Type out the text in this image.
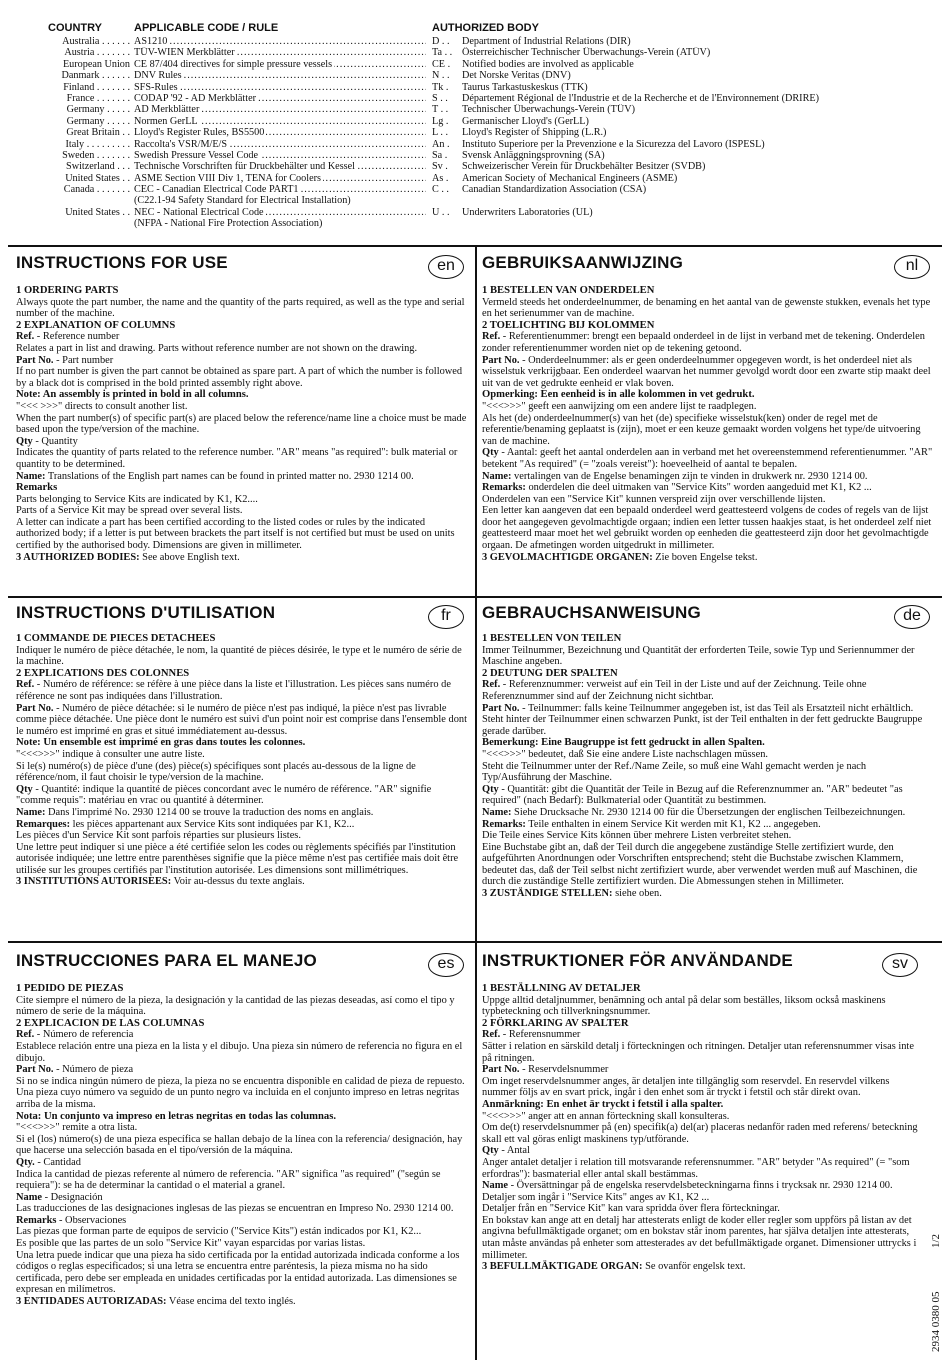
COUNTRY	APPLICABLE CODE / RULE	AUTHORIZED BODY
Australia . . . . . . AS1210 .....	D . .	Department of Industrial Relations (DIR)
Austria . . . . . . . TÜV-WIEN Merkblätter .....	Ta . . Österreichischer Technischer Überwachungs-Verein (ATÜV)
European Union CE 87/404 directives for simple pressure vessels .....	CE .	Notified bodies are involved as applicable
Danmark . . . . . . DNV Rules .....	N . .	Det Norske Veritas (DNV)
Finland . . . . . . . SFS-Rules .....	Tk .	Taurus Tarkastuskeskus (TTK)
France . . . . . . . CODAP '92 - AD Merkblätter .....	S . .	Département Régional de l'Industrie et de la Recherche et de l'Environnement (DRIRE)
Germany . . . . . AD Merkblätter .....	T . .	Technischer Überwachungs-Verein (TÜV)
Germany . . . . . Normen GerLL .....	Lg .	Germanischer Lloyd's (GerLL)
Great Britain . . Lloyd's Register Rules, BS5500 .....	L . .	Lloyd's Register of Shipping (L.R.)
Italy . . . . . . . . . Raccolta's VSR/M/E/S .....	An .	Instituto Superiore per la Prevenzione e la Sicurezza del Lavoro (ISPESL)
Sweden . . . . . . . Swedish Pressure Vessel Code .....	Sa .	Svensk Anläggningsprovning (SA)
Switzerland . . . Technische Vorschriften für Druckbehälter und Kessel .....	Sv .	Schweizerischer Verein für Druckbehälter Besitzer (SVDB)
United States . . ASME Section VIII Div 1, TENA for Coolers .....	As .	American Society of Mechanical Engineers (ASME)
Canada . . . . . . . CEC - Canadian Electrical Code PART1 .....	C . .	Canadian Standardization Association (CSA)
(C22.1-94 Safety Standard for Electrical Installation)
United States . . NEC - National Electrical Code .....	U . .	Underwriters Laboratories (UL)
(NFPA - National Fire Protection Association)
INSTRUCTIONS FOR USE	en

1 ORDERING PARTS

Always quote the part number, the name and the quantity of the parts required, as well as the type and serial number of the machine.

2 EXPLANATION OF COLUMNS

Ref. - Reference number

Relates a part in list and drawing. Parts without reference number are not shown on the drawing.

Part No. - Part number

If no part number is given the part cannot be obtained as spare part. A part of which the number is followed by a black dot is comprised in the bold printed assembly right above.

Note: An assembly is printed in bold in all columns.

"<<< >>>" directs to consult another list.

When the part number(s) of specific part(s) are placed below the reference/name line a choice must be made based upon the type/version of the machine.

Qty - Quantity

Indicates the quantity of parts related to the reference number. "AR" means "as required": bulk material or quantity to be determined.

Name: Translations of the English part names can be found in printed matter no. 2930 1214 00.

Remarks

Parts belonging to Service Kits are indicated by K1, K2....

Parts of a Service Kit may be spread over several lists.

A letter can indicate a part has been certified according to the listed codes or rules by the indicated authorized body; if a letter is put between brackets the part itself is not certified but must be used on units certified by the authorised body. Dimensions are given in millimeter.

3 AUTHORIZED BODIES: See above English text.

GEBRUIKSAANWIJZING	nl

1 BESTELLEN VAN ONDERDELEN

Vermeld steeds het onderdeelnummer, de benaming en het aantal van de gewenste stukken, evenals het type en het serienummer van de machine.

2 TOELICHTING BIJ KOLOMMEN

Ref. - Referentienummer: brengt een bepaald onderdeel in de lijst in verband met de tekening. Onderdelen zonder referentienummer worden niet op de tekening getoond.

Part No. - Onderdeelnummer: als er geen onderdeelnummer opgegeven wordt, is het onderdeel niet als wisselstuk verkrijgbaar. Een onderdeel waarvan het nummer gevolgd wordt door een zwarte stip maakt deel uit van de vet gedrukte eenheid er vlak boven.

Opmerking: Een eenheid is in alle kolommen in vet gedrukt.

"<<<>>>" geeft een aanwijzing om een andere lijst te raadplegen.

Als het (de) onderdeelnummer(s) van het (de) specifieke wisselstuk(ken) onder de regel met de referentie/benaming geplaatst is (zijn), moet er een keuze gemaakt worden volgens het type/de uitvoering van de machine.

Qty - Aantal: geeft het aantal onderdelen aan in verband met het overeenstemmend referentienummer. "AR" betekent "As required" (= "zoals vereist"): hoeveelheid of aantal te bepalen.

Name: vertalingen van de Engelse benamingen zijn te vinden in drukwerk nr. 2930 1214 00.

Remarks: onderdelen die deel uitmaken van "Service Kits" worden aangeduid met K1, K2 ...

Onderdelen van een "Service Kit" kunnen verspreid zijn over verschillende lijsten.

Een letter kan aangeven dat een bepaald onderdeel werd geattesteerd volgens de codes of regels van de lijst door het aangegeven gevolmachtigde orgaan; indien een letter tussen haakjes staat, is het onderdeel zelf niet geattesteerd maar moet het wel gebruikt worden op eenheden die geattesteerd zijn door het gevolmachtigde orgaan. De afmetingen worden uitgedrukt in millimeter.

3 GEVOLMACHTIGDE ORGANEN: Zie boven Engelse tekst.

INSTRUCTIONS D'UTILISATION	fr

1 COMMANDE DE PIECES DETACHEES

Indiquer le numéro de pièce détachée, le nom, la quantité de pièces désirée, le type et le numéro de série de la machine.

2 EXPLICATIONS DES COLONNES

Ref. - Numéro de référence: se réfère à une pièce dans la liste et l'illustration. Les pièces sans numéro de référence ne sont pas indiquées dans l'illustration.

Part No. - Numéro de pièce détachée: si le numéro de pièce n'est pas indiqué, la pièce n'est pas livrable comme pièce détachée. Une pièce dont le numéro est suivi d'un point noir est comprise dans l'ensemble dont le numéro est imprimé en gras et situé immédiatement au-dessus.

Note: Un ensemble est imprimé en gras dans toutes les colonnes.

"<<<>>>" indique à consulter une autre liste.

Si le(s) numéro(s) de pièce d'une (des) pièce(s) spécifiques sont placés au-dessous de la ligne de référence/nom, il faut choisir le type/version de la machine.

Qty - Quantité: indique la quantité de pièces concordant avec le numéro de référence. "AR" signifie "comme requis": matériau en vrac ou quantité à déterminer.

Name: Dans l'imprimé No. 2930 1214 00 se trouve la traduction des noms en anglais.

Remarques: les pièces appartenant aux Service Kits sont indiquées par K1, K2...

Les pièces d'un Service Kit sont parfois réparties sur plusieurs listes.

Une lettre peut indiquer si une pièce a été certifiée selon les codes ou règlements spécifiés par l'institution autorisée indiquée; une lettre entre parenthèses signifie que la pièce même n'est pas certifiée mais doit être utilisée sur les groupes certifiés par l'institution autorisée. Les dimensions sont millimétriques.

3 INSTITUTIONS AUTORISEES: Voir au-dessus du texte anglais.

GEBRAUCHSANWEISUNG	de

1 BESTELLEN VON TEILEN

Immer Teilnummer, Bezeichnung und Quantität der erforderten Teile, sowie Typ und Seriennummer der Maschine angeben.

2 DEUTUNG DER SPALTEN

Ref. - Referenznummer: verweist auf ein Teil in der Liste und auf der Zeichnung. Teile ohne Referenznummer sind auf der Zeichnung nicht sichtbar.

Part No. - Teilnummer: falls keine Teilnummer angegeben ist, ist das Teil als Ersatzteil nicht erhältlich. Steht hinter der Teilnummer einen schwarzen Punkt, ist der Teil enthalten in der fett gedruckte Baugruppe gerade darüber.

Bemerkung: Eine Baugruppe ist fett gedruckt in allen Spalten.

"<<<>>>" bedeutet, daß Sie eine andere Liste nachschlagen müssen.

Steht die Teilnummer unter der Ref./Name Zeile, so muß eine Wahl gemacht werden je nach Typ/Ausführung der Maschine.

Qty - Quantität: gibt die Quantität der Teile in Bezug auf die Referenznummer an. "AR" bedeutet "as required" (nach Bedarf): Bulkmaterial oder Quantität zu bestimmen.

Name: Siehe Drucksache Nr. 2930 1214 00 für die Übersetzungen der englischen Teilbezeichnungen.

Remarks: Teile enthalten in einem Service Kit werden mit K1, K2 ... angegeben.

Die Teile eines Service Kits können über mehrere Listen verbreitet stehen.

Eine Buchstabe gibt an, daß der Teil durch die angegebene zuständige Stelle zertifiziert wurde, den aufgeführten Anordnungen oder Vorschriften entsprechend; steht die Buchstabe zwischen Klammern, bedeutet das, daß der Teil selbst nicht zertifiziert wurde, aber verwendet werden muß auf Maschinen, die durch die zuständige Stelle zertifiziert wurden. Die Abmessungen stehen in Millimeter.

3 ZUSTÄNDIGE STELLEN: siehe oben.

INSTRUCCIONES PARA EL MANEJO	es

1 PEDIDO DE PIEZAS

Cite siempre el número de la pieza, la designación y la cantidad de las piezas deseadas, así como el tipo y número de serie de la máquina.

2 EXPLICACION DE LAS COLUMNAS

Ref. - Número de referencia

Establece relación entre una pieza en la lista y el dibujo. Una pieza sin número de referencia no figura en el dibujo.

Part No. - Número de pieza

Si no se indica ningún número de pieza, la pieza no se encuentra disponible en calidad de pieza de repuesto. Una pieza cuyo número va seguido de un punto negro va incluida en el conjunto impreso en letras negritas arriba de la misma.

Nota: Un conjunto va impreso en letras negritas en todas las columnas.

"<<<>>>" remite a otra lista.

Si el (los) número(s) de una pieza específica se hallan debajo de la línea con la referencia/ designación, hay que hacerse una selección basada en el tipo/versión de la máquina.

Qty. - Cantidad

Indica la cantidad de piezas referente al número de referencia. "AR" significa "as required" ("según se requiera"): se ha de determinar la cantidad o el material a granel.

Name - Designación

Las traducciones de las designaciones inglesas de las piezas se encuentran en Impreso No. 2930 1214 00.

Remarks - Observaciones

Las piezas que forman parte de equipos de servicio ("Service Kits") están indicados por K1, K2...

Es posible que las partes de un solo "Service Kit" vayan esparcidas por varias listas.

Una letra puede indicar que una pieza ha sido certificada por la entidad autorizada indicada conforme a los códigos o reglas especificados; si una letra se encuentra entre paréntesis, la pieza misma no ha sido certificada, pero debe ser empleada en unidades certificadas por la entidad autorizada. Las dimensiones se expresan en milímetros.

3 ENTIDADES AUTORIZADAS: Véase encima del texto inglés.

INSTRUKTIONER FÖR ANVÄNDANDE	sv

1 BESTÄLLNING AV DETALJER

Uppge alltid detaljnummer, benämning och antal på delar som beställes, liksom också maskinens typbeteckning och tillverkningsnummer.

2 FÖRKLARING AV SPALTER

Ref. - Referensnummer

Sätter i relation en särskild detalj i förteckningen och ritningen. Detaljer utan referensnummer visas inte på ritningen.

Part No. - Reservdelsnummer

Om inget reservdelsnummer anges, är detaljen inte tillgänglig som reservdel. En reservdel vilkens nummer följs av en svart prick, ingår i den enhet som är tryckt i fetstil och står direkt ovan.

Anmärkning: En enhet är tryckt i fetstil i alla spalter.

"<<<>>>" anger att en annan förteckning skall konsulteras.

Om de(t) reservdelsnummer på (en) specifik(a) del(ar) placeras nedanför raden med referens/ beteckning skall ett val göras enligt maskinens typ/utförande.

Qty - Antal

Anger antalet detaljer i relation till motsvarande referensnummer. "AR" betyder "As required" (= "som erfordras"): basmaterial eller antal skall bestämmas.

Name - Översättningar på de engelska reservdelsbeteckningarna finns i trycksak nr. 2930 1214 00.

Detaljer som ingår i "Service Kits" anges av K1, K2 ...

Detaljer från en "Service Kit" kan vara spridda över flera förteckningar.

En bokstav kan ange att en detalj har attesterats enligt de koder eller regler som uppförs på listan av det angivna befullmäktigade organet; om en bokstav står inom parentes, har själva detaljen inte attesterats, utan måste användas på enheter som attesterades av det befullmäktigade organet. Dimensioner uttrycks i millimeter.

3 BEFULLMÄKTIGADE ORGAN: Se ovanför engelsk text.

1/2
2934 0380 05
